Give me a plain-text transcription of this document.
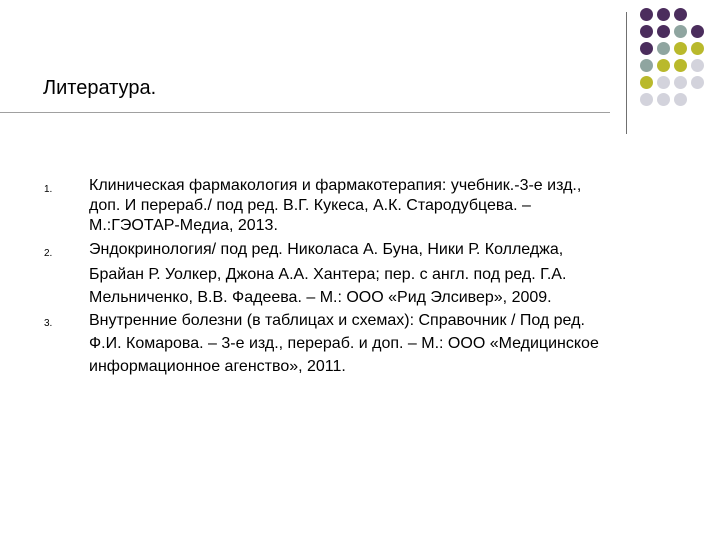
Литература.
1. Клиническая фармакология и фармакотерапия: учебник.-3-е изд.,
доп. И перераб./ под ред. В.Г. Кукеса, А.К. Стародубцева. –
М.:ГЭОТАР-Медиа, 2013.
2. Эндокринология/ под ред. Николаса А. Буна, Ники Р. Колледжа,
Брайан Р. Уолкер, Джона А.А. Хантера; пер. с англ. под ред. Г.А.
Мельниченко, В.В. Фадеева. – М.: ООО «Рид Элсивер», 2009.
3. Внутренние болезни (в таблицах и схемах): Справочник / Под ред.
Ф.И. Комарова. – 3-е изд., перераб. и доп. – М.: ООО «Медицинское
информационное агенство», 2011.
